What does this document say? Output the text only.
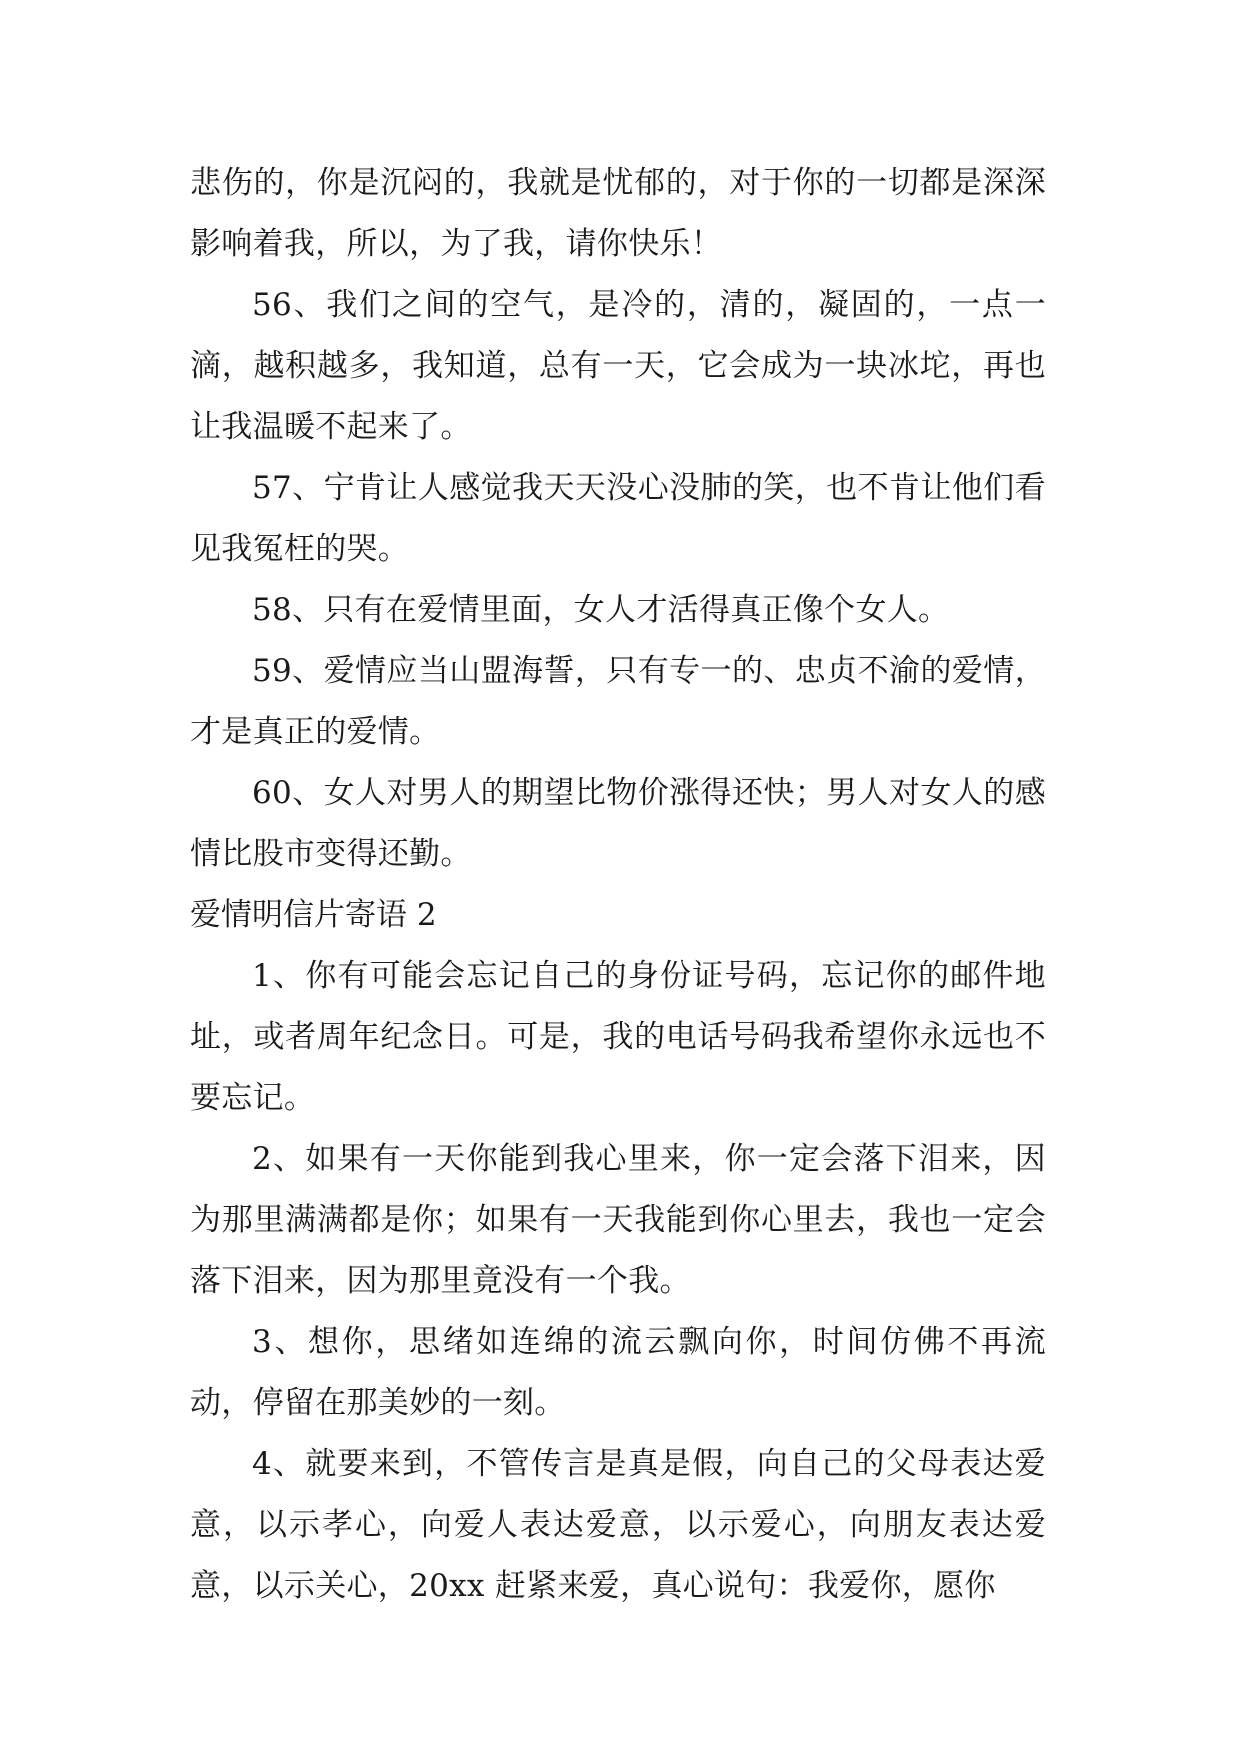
悲伤的，你是沉闷的，我就是忧郁的，对于你的一切都是深深影响着我，所以，为了我，请你快乐！

56、我们之间的空气，是冷的，清的，凝固的，一点一滴，越积越多，我知道，总有一天，它会成为一块冰坨，再也让我温暖不起来了。

57、宁肯让人感觉我天天没心没肺的笑，也不肯让他们看见我冤枉的哭。

58、只有在爱情里面，女人才活得真正像个女人。

59、爱情应当山盟海誓，只有专一的、忠贞不渝的爱情，才是真正的爱情。

60、女人对男人的期望比物价涨得还快；男人对女人的感情比股市变得还勤。

爱情明信片寄语 2

1、你有可能会忘记自己的身份证号码，忘记你的邮件地址，或者周年纪念日。可是，我的电话号码我希望你永远也不要忘记。

2、如果有一天你能到我心里来，你一定会落下泪来，因为那里满满都是你；如果有一天我能到你心里去，我也一定会落下泪来，因为那里竟没有一个我。

3、想你，思绪如连绵的流云飘向你，时间仿佛不再流动，停留在那美妙的一刻。

4、就要来到，不管传言是真是假，向自己的父母表达爱意，以示孝心，向爱人表达爱意，以示爱心，向朋友表达爱意，以示关心，20xx 赶紧来爱，真心说句：我爱你，愿你
